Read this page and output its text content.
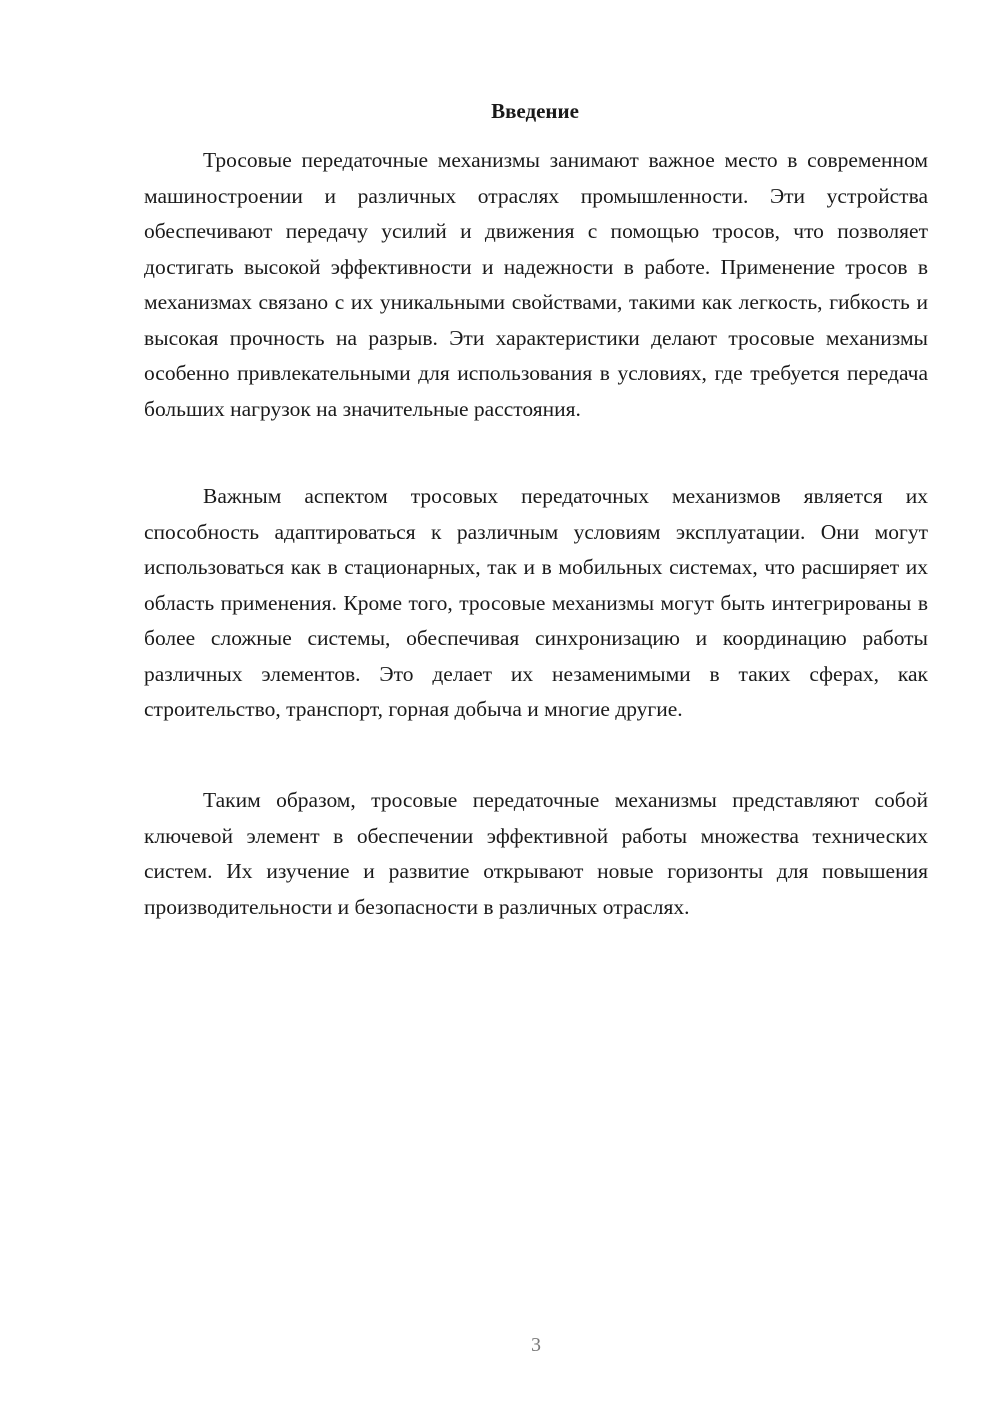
Введение

Тросовые передаточные механизмы занимают важное место в современном машиностроении и различных отраслях промышленности. Эти устройства обеспечивают передачу усилий и движения с помощью тросов, что позволяет достигать высокой эффективности и надежности в работе. Применение тросов в механизмах связано с их уникальными свойствами, такими как легкость, гибкость и высокая прочность на разрыв. Эти характеристики делают тросовые механизмы особенно привлекательными для использования в условиях, где требуется передача больших нагрузок на значительные расстояния.

Важным аспектом тросовых передаточных механизмов является их способность адаптироваться к различным условиям эксплуатации. Они могут использоваться как в стационарных, так и в мобильных системах, что расширяет их область применения. Кроме того, тросовые механизмы могут быть интегрированы в более сложные системы, обеспечивая синхронизацию и координацию работы различных элементов. Это делает их незаменимыми в таких сферах, как строительство, транспорт, горная добыча и многие другие.

Таким образом, тросовые передаточные механизмы представляют собой ключевой элемент в обеспечении эффективной работы множества технических систем. Их изучение и развитие открывают новые горизонты для повышения производительности и безопасности в различных отраслях.

3
